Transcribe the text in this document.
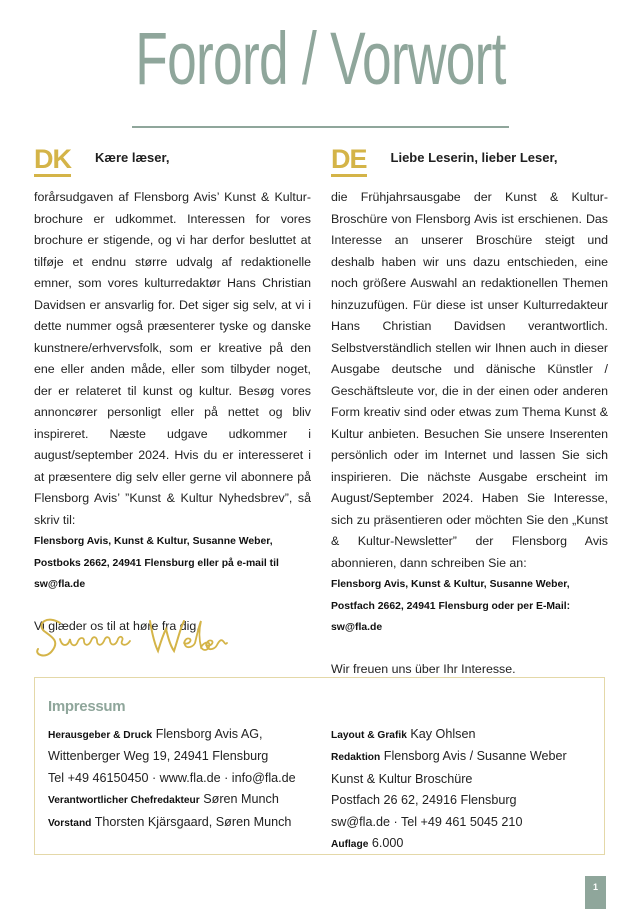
Forord / Vorwort
DK Kære læser,

forårsudgaven af Flensborg Avis’ Kunst & Kultur-brochure er udkommet. Interessen for vores brochure er stigende, og vi har derfor besluttet at tilføje et endnu større udvalg af redaktionelle emner, som vores kulturredaktør Hans Christian Davidsen er ansvarlig for. Det siger sig selv, at vi i dette nummer også præsenterer tyske og danske kunstnere/erhvervsfolk, som er kreative på den ene eller anden måde, eller som tilbyder noget, der er relateret til kunst og kultur. Besøg vores annoncører personligt eller på nettet og bliv inspireret. Næste udgave udkommer i august/september 2024. Hvis du er interesseret i at præsentere dig selv eller gerne vil abonnere på Flensborg Avis’ ”Kunst & Kultur Nyhedsbrev”, så skriv til:

Flensborg Avis, Kunst & Kultur, Susanne Weber, Postboks 2662, 24941 Flensburg eller på e-mail til sw@fla.de

Vi glæder os til at høre fra dig.

DE Liebe Leserin, lieber Leser,

die Frühjahrsausgabe der Kunst & Kultur-Broschüre von Flensborg Avis ist erschienen. Das Interesse an unserer Broschüre steigt und deshalb haben wir uns dazu entschieden, eine noch größere Auswahl an redaktionellen Themen hinzuzufügen. Für diese ist unser Kulturredakteur Hans Christian Davidsen verantwortlich. Selbstverständlich stellen wir Ihnen auch in dieser Ausgabe deutsche und dänische Künstler / Geschäftsleute vor, die in der einen oder anderen Form kreativ sind oder etwas zum Thema Kunst & Kultur anbieten. Besuchen Sie unsere Inserenten persönlich oder im Internet und lassen Sie sich inspirieren. Die nächste Ausgabe erscheint im August/September 2024. Haben Sie Interesse, sich zu präsentieren oder möchten Sie den „Kunst & Kultur-Newsletter” der Flensborg Avis abonnieren, dann schreiben Sie an:

Flensborg Avis, Kunst & Kultur, Susanne Weber, Postfach 2662, 24941 Flensburg oder per E-Mail: sw@fla.de

Wir freuen uns über Ihr Interesse.

Impressum
Herausgeber & Druck Flensborg Avis AG,
Wittenberger Weg 19, 24941 Flensburg
Tel +49 46150450 · www.fla.de · info@fla.de
Verantwortlicher Chefredakteur Søren Munch
Vorstand Thorsten Kjärsgaard, Søren Munch
Layout & Grafik Kay Ohlsen
Redaktion Flensborg Avis / Susanne Weber
Kunst & Kultur Broschüre
Postfach 26 62, 24916 Flensburg
sw@fla.de · Tel +49 461 5045 210
Auflage 6.000
1
